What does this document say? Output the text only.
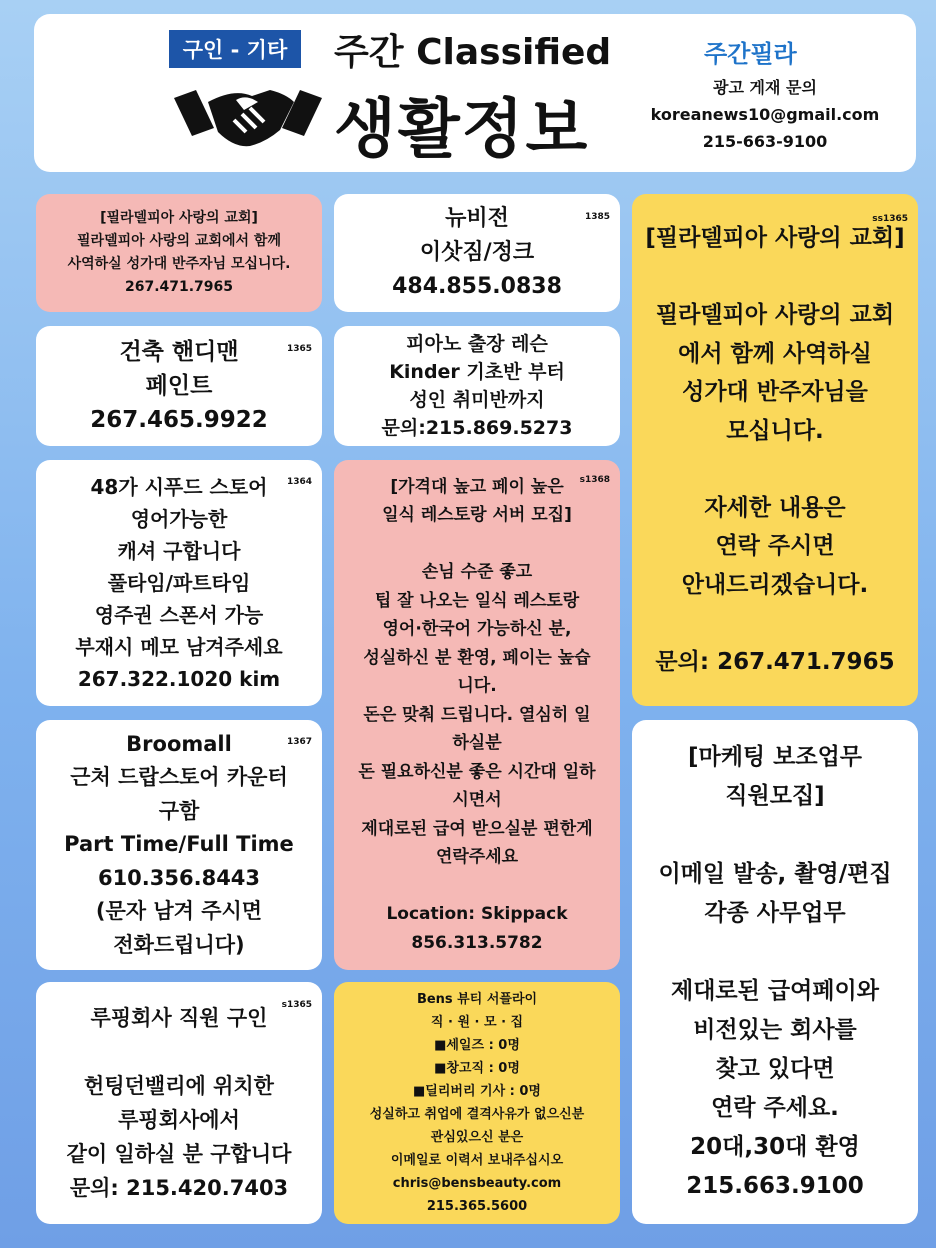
구인 - 기타	주간 Classified
생활정보
주간필라
광고 게재 문의
koreanews10@gmail.com
215-663-9100
[필라델피아 사랑의 교회]
필라델피아 사랑의 교회에서 함께
사역하실 성가대 반주자님 모십니다.
267.471.7965
1385
뉴비전
이삿짐/정크
484.855.0838
ss1365
[필라델피아 사랑의 교회]

필라델피아 사랑의 교회
에서 함께 사역하실
성가대 반주자님을
모십니다.

자세한 내용은
연락 주시면
안내드리겠습니다.

문의: 267.471.7965
1365
건축 핸디맨
페인트
267.465.9922
피아노 출장 레슨
Kinder 기초반 부터
성인 취미반까지
문의:215.869.5273
1364
48가 시푸드 스토어
영어가능한
캐셔 구합니다
풀타임/파트타임
영주권 스폰서 가능
부재시 메모 남겨주세요
267.322.1020 kim
s1368
[가격대 높고 페이 높은
일식 레스토랑 서버 모집]

손님 수준 좋고
팁 잘 나오는 일식 레스토랑
영어·한국어 가능하신 분,
성실하신 분 환영, 페이는 높습
니다.
돈은 맞춰 드립니다. 열심히 일
하실분
돈 필요하신분 좋은 시간대 일하
시면서
제대로된 급여 받으실분 편한게
연락주세요

Location: Skippack
856.313.5782
1367
Broomall
근처 드랍스토어 카운터
구함
Part Time/Full Time
610.356.8443
(문자 남겨 주시면
전화드립니다)
[마케팅 보조업무
직원모집]

이메일 발송, 촬영/편집
각종 사무업무

제대로된 급여페이와
비전있는 회사를
찾고 있다면
연락 주세요.
20대,30대 환영
215.663.9100
s1365
루핑회사 직원 구인

헌팅던밸리에 위치한
루핑회사에서
같이 일하실 분 구합니다
문의: 215.420.7403
Bens 뷰티 서플라이
직 · 원 · 모 · 집
■세일즈 : 0명
■창고직 : 0명
■딜리버리 기사 : 0명
성실하고 취업에 결격사유가 없으신분
관심있으신 분은
이메일로 이력서 보내주십시오
chris@bensbeauty.com
215.365.5600
